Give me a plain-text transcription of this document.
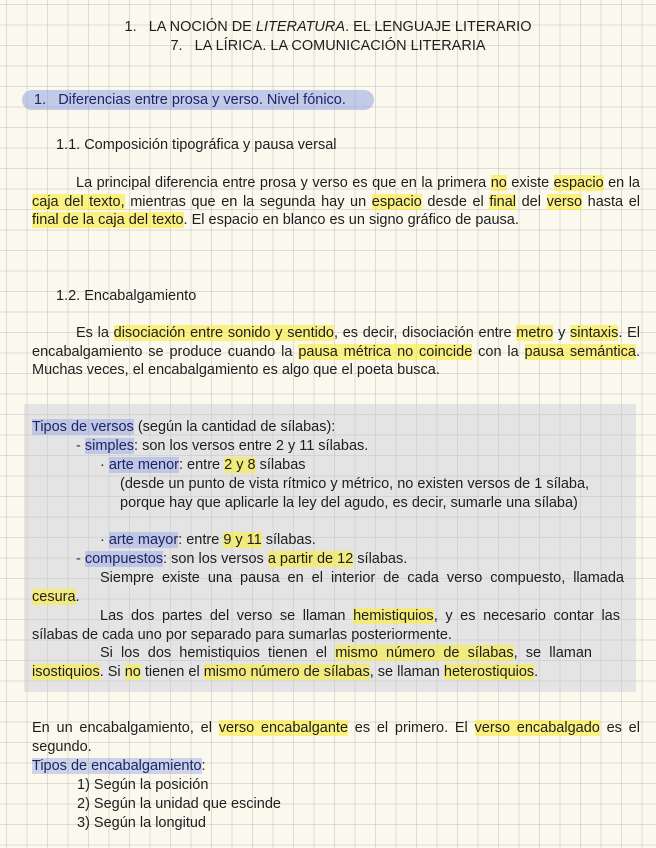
1. LA NOCIÓN DE LITERATURA. EL LENGUAJE LITERARIO
7. LA LÍRICA. LA COMUNICACIÓN LITERARIA
1. Diferencias entre prosa y verso. Nivel fónico.
1.1. Composición tipográfica y pausa versal

La principal diferencia entre prosa y verso es que en la primera no existe espacio en la caja del texto, mientras que en la segunda hay un espacio desde el final del verso hasta el final de la caja del texto. El espacio en blanco es un signo gráfico de pausa.

1.2. Encabalgamiento

Es la disociación entre sonido y sentido, es decir, disociación entre metro y sintaxis. El encabalgamiento se produce cuando la pausa métrica no coincide con la pausa semántica. Muchas veces, el encabalgamiento es algo que el poeta busca.

Tipos de versos (según la cantidad de sílabas):
- simples: son los versos entre 2 y 11 sílabas.
· arte menor: entre 2 y 8 sílabas

(desde un punto de vista rítmico y métrico, no existen versos de 1 sílaba, porque hay que aplicarle la ley del agudo, es decir, sumarle una sílaba)

· arte mayor: entre 9 y 11 sílabas.
- compuestos: son los versos a partir de 12 sílabas.

Siempre existe una pausa en el interior de cada verso compuesto, llamada cesura.

Las dos partes del verso se llaman hemistiquios, y es necesario contar las sílabas de cada uno por separado para sumarlas posteriormente.

Si los dos hemistiquios tienen el mismo número de sílabas, se llaman isostiquios. Si no tienen el mismo número de sílabas, se llaman heterostiquios.

En un encabalgamiento, el verso encabalgante es el primero. El verso encabalgado es el segundo.

Tipos de encabalgamiento:
1) Según la posición
2) Según la unidad que escinde
3) Según la longitud
